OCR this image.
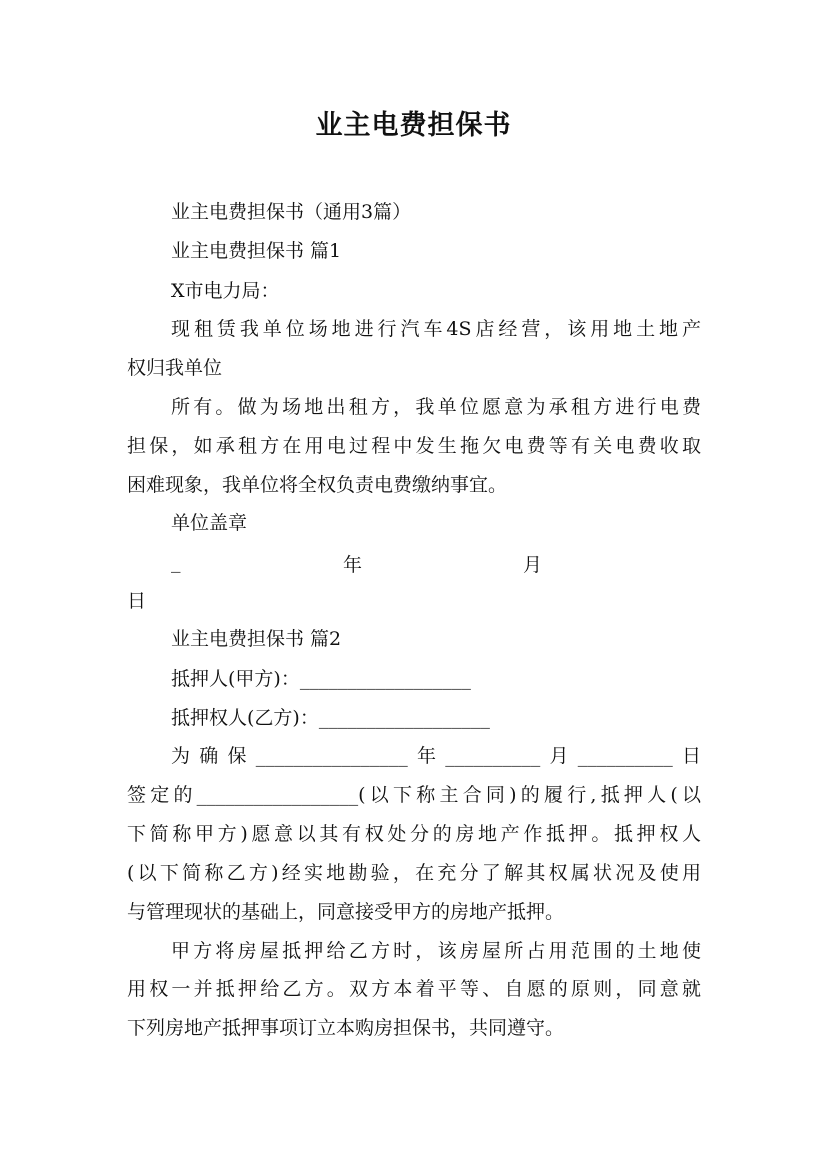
业主电费担保书
业主电费担保书（通用3篇）
业主电费担保书 篇1
X市电力局：
现租赁我单位场地进行汽车4S店经营，该用地土地产
权归我单位
所有。做为场地出租方，我单位愿意为承租方进行电费
担保，如承租方在用电过程中发生拖欠电费等有关电费收取
困难现象，我单位将全权负责电费缴纳事宜。
单位盖章
_	年	月
日
业主电费担保书 篇2
抵押人(甲方)：__________________
抵押权人(乙方)：__________________
为确保________________年__________月__________日
签定的_________________(以下称主合同)的履行,抵押人(以
下简称甲方)愿意以其有权处分的房地产作抵押。抵押权人
(以下简称乙方)经实地勘验，在充分了解其权属状况及使用
与管理现状的基础上，同意接受甲方的房地产抵押。
甲方将房屋抵押给乙方时，该房屋所占用范围的土地使
用权一并抵押给乙方。双方本着平等、自愿的原则，同意就
下列房地产抵押事项订立本购房担保书，共同遵守。
